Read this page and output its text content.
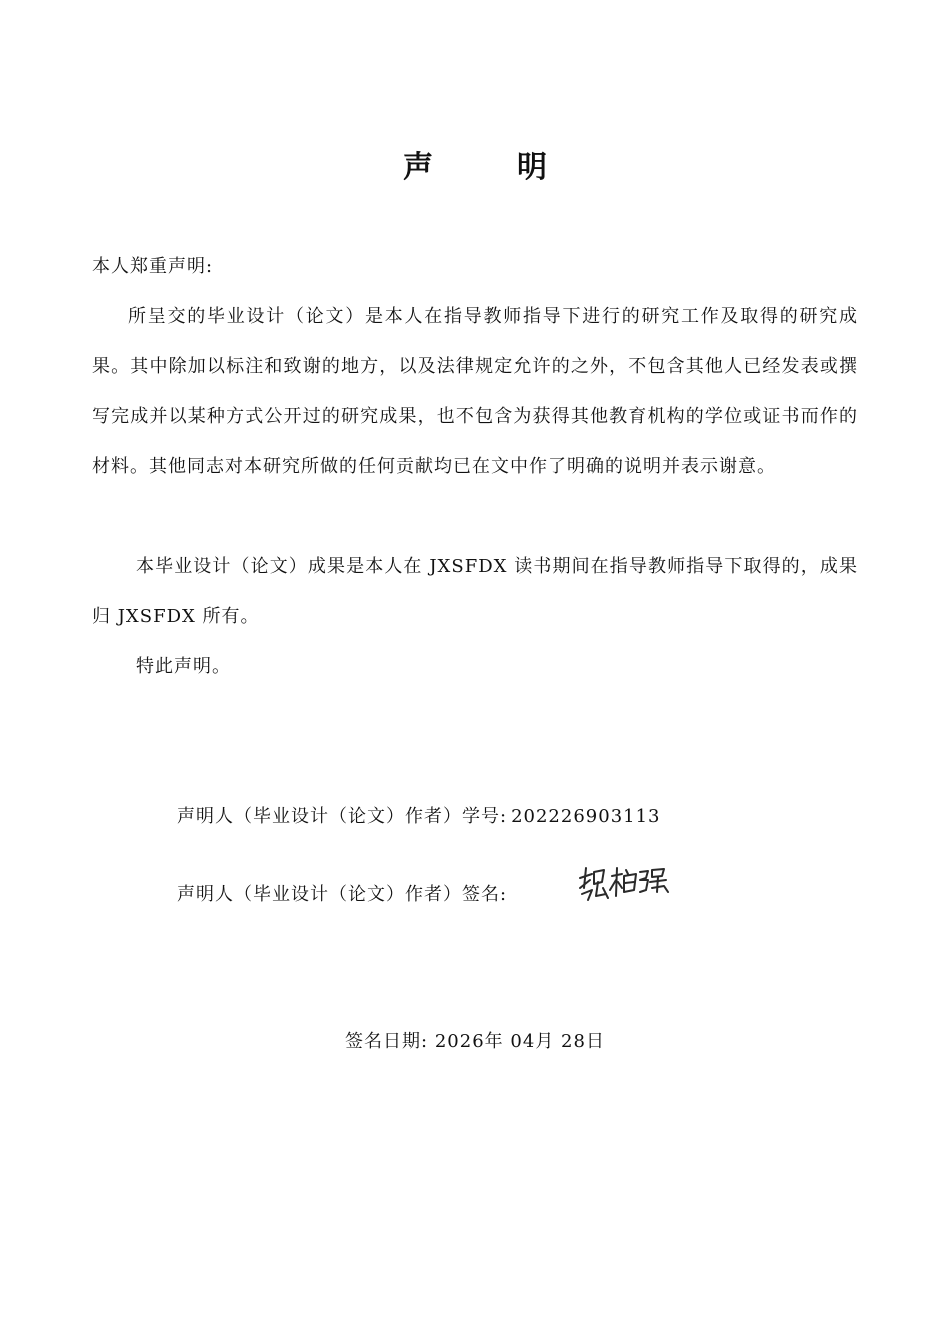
声	明
本人郑重声明:
所呈交的毕业设计（论文）是本人在指导教师指导下进行的研究工作及取得的研究成果。其中除加以标注和致谢的地方，以及法律规定允许的之外，不包含其他人已经发表或撰写完成并以某种方式公开过的研究成果，也不包含为获得其他教育机构的学位或证书而作的材料。其他同志对本研究所做的任何贡献均已在文中作了明确的说明并表示谢意。
本毕业设计（论文）成果是本人在 JXSFDX 读书期间在指导教师指导下取得的，成果归 JXSFDX 所有。
特此声明。
声明人（毕业设计（论文）作者）学号: 202226903113
声明人（毕业设计（论文）作者）签名:
签名日期: 2026年 04月 28日
